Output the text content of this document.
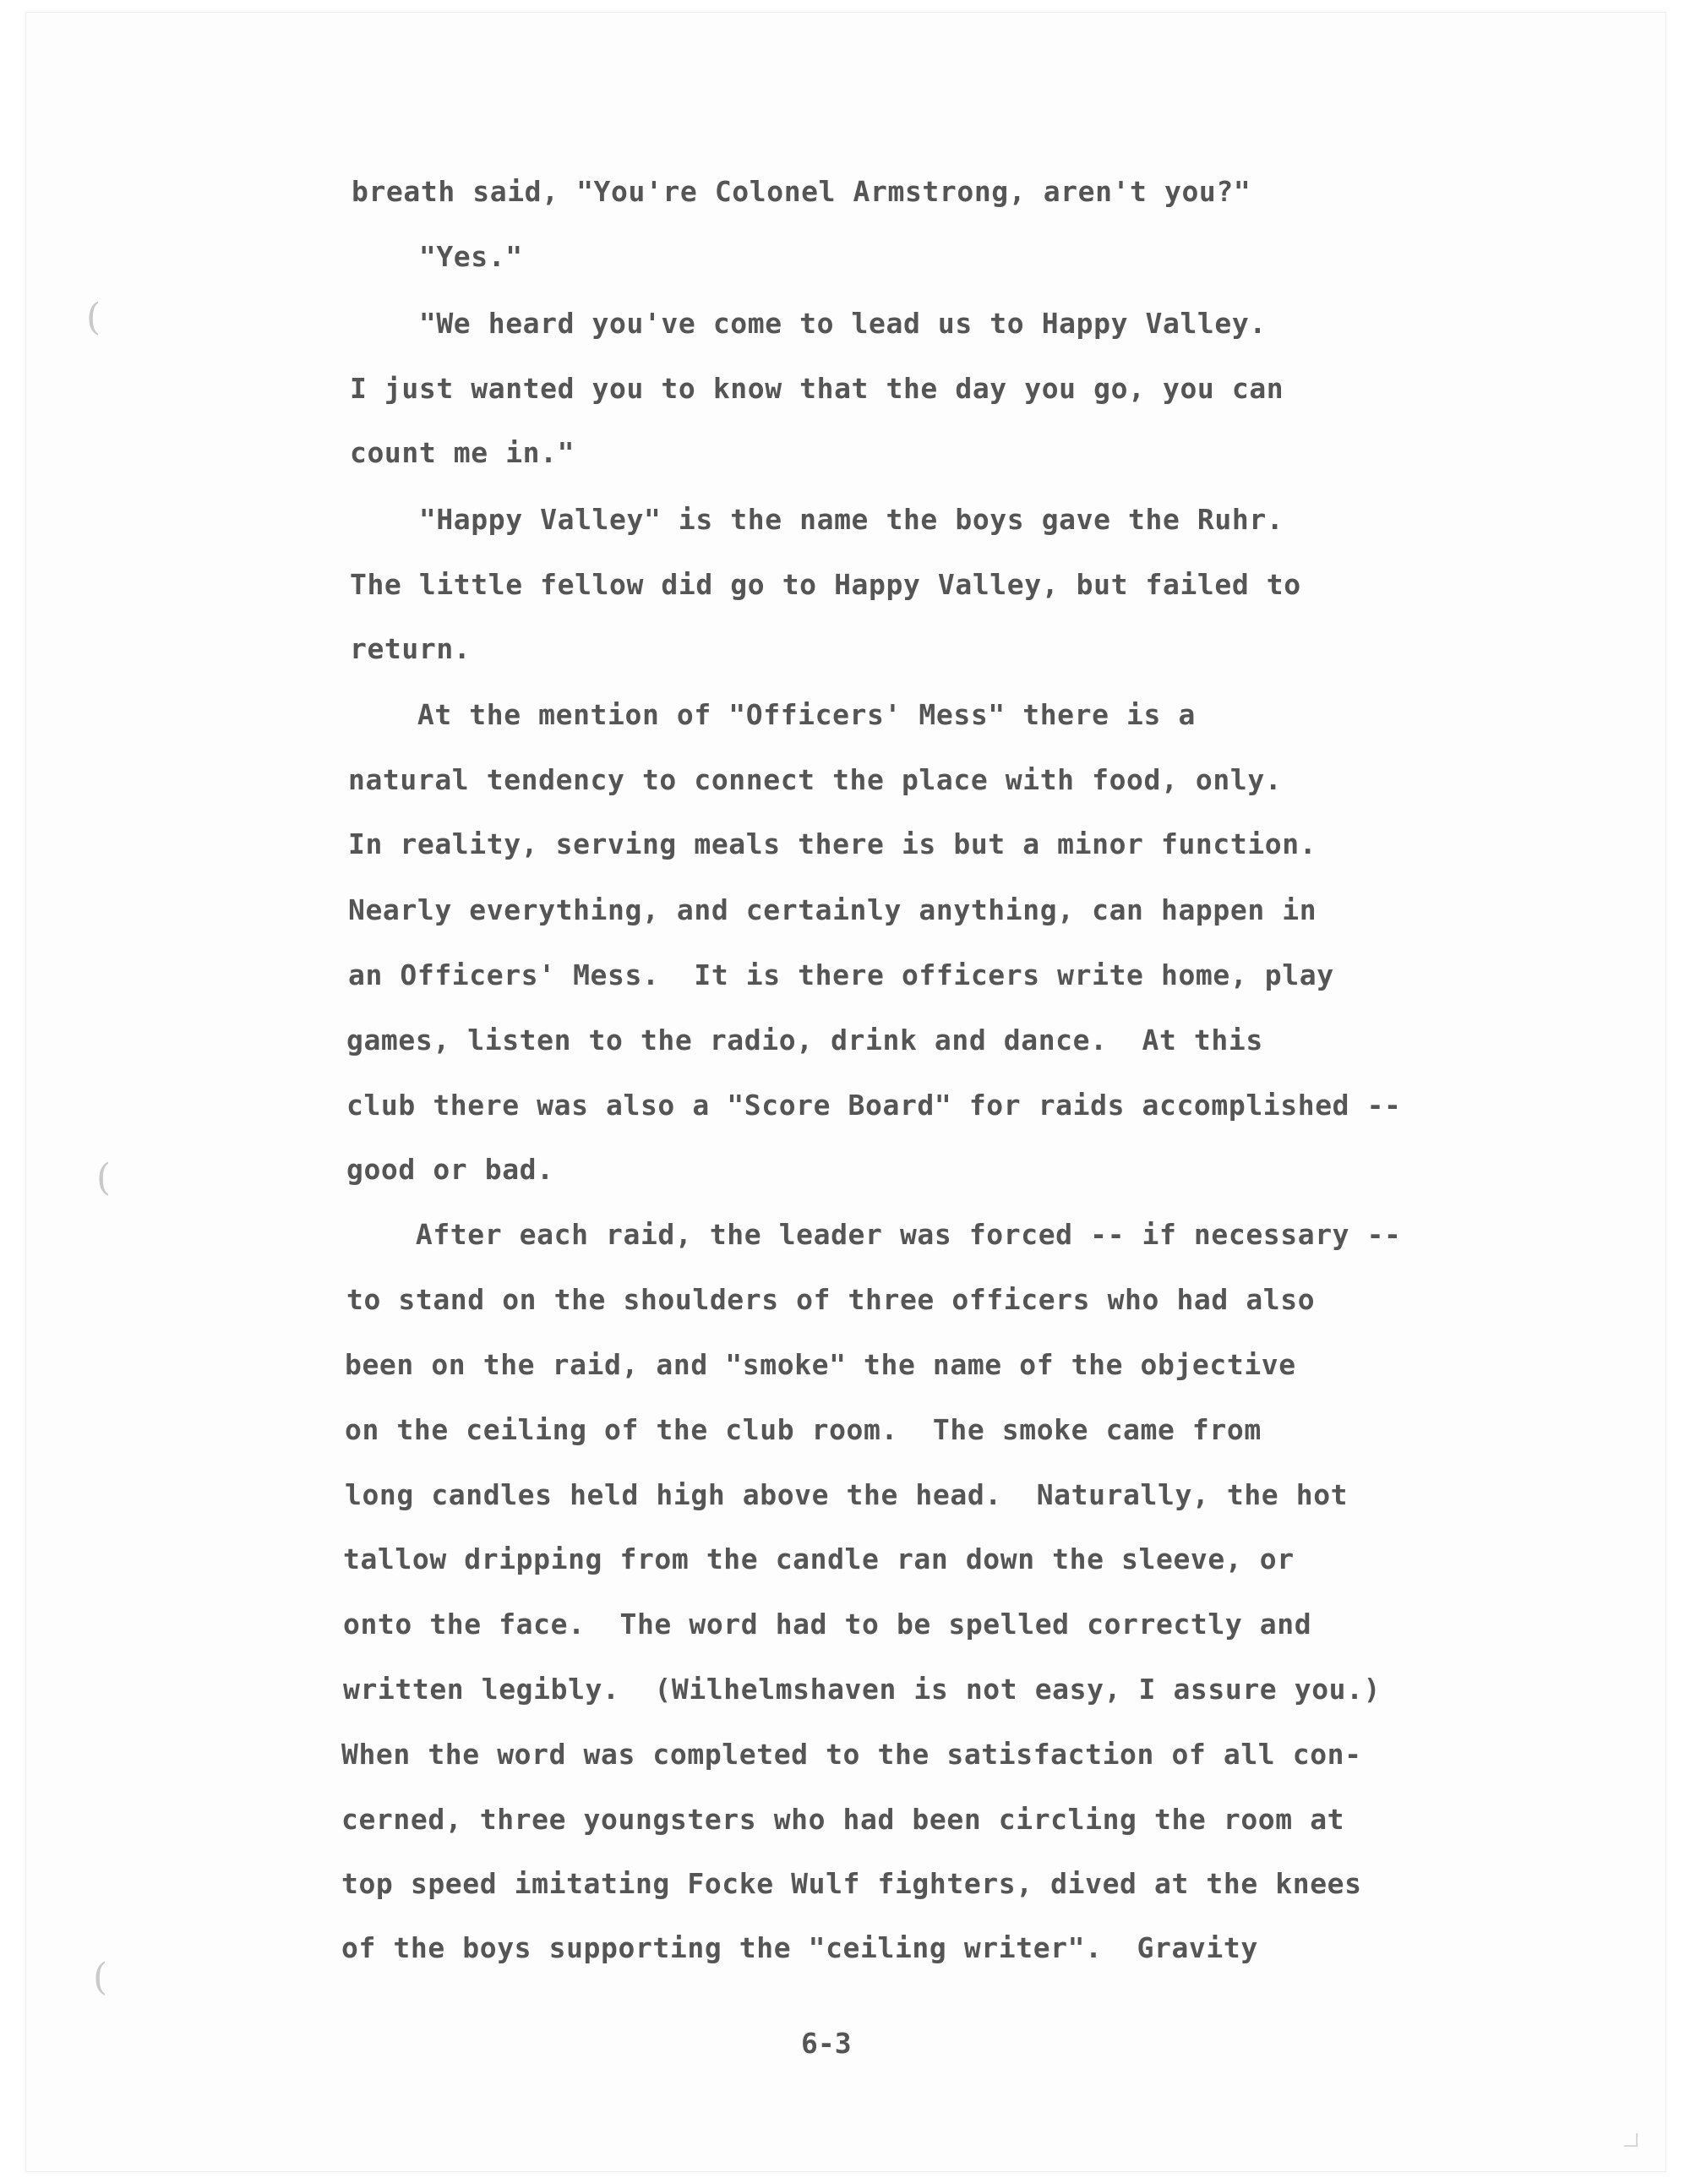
(
(
(
breath said, "You're Colonel Armstrong, aren't you?"
"Yes."
"We heard you've come to lead us to Happy Valley.
I just wanted you to know that the day you go, you can
count me in."
"Happy Valley" is the name the boys gave the Ruhr.
The little fellow did go to Happy Valley, but failed to
return.
At the mention of "Officers' Mess" there is a
natural tendency to connect the place with food, only.
In reality, serving meals there is but a minor function.
Nearly everything, and certainly anything, can happen in
an Officers' Mess.  It is there officers write home, play
games, listen to the radio, drink and dance.  At this
club there was also a "Score Board" for raids accomplished --
good or bad.
After each raid, the leader was forced -- if necessary --
to stand on the shoulders of three officers who had also
been on the raid, and "smoke" the name of the objective
on the ceiling of the club room.  The smoke came from
long candles held high above the head.  Naturally, the hot
tallow dripping from the candle ran down the sleeve, or
onto the face.  The word had to be spelled correctly and
written legibly.  (Wilhelmshaven is not easy, I assure you.)
When the word was completed to the satisfaction of all con-
cerned, three youngsters who had been circling the room at
top speed imitating Focke Wulf fighters, dived at the knees
of the boys supporting the "ceiling writer".  Gravity
6-3
